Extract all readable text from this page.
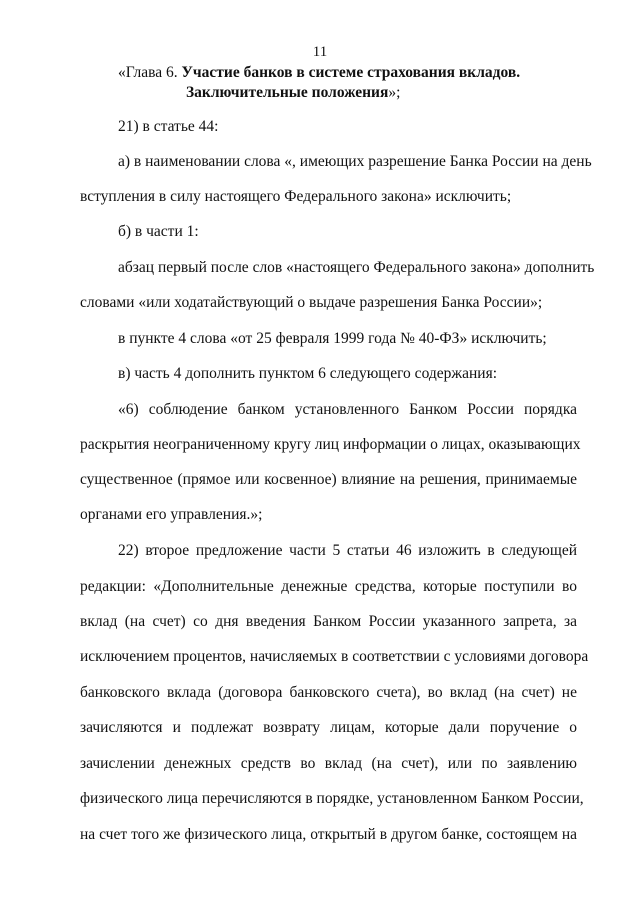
11
«Глава 6. Участие банков в системе страхования вкладов.
Заключительные положения»;
21) в статье 44:
а) в наименовании слова «, имеющих разрешение Банка России на день
вступления в силу настоящего Федерального закона» исключить;
б) в части 1:
абзац первый после слов «настоящего Федерального закона» дополнить
словами «или ходатайствующий о выдаче разрешения Банка России»;
в пункте 4 слова «от 25 февраля 1999 года № 40-ФЗ» исключить;
в) часть 4 дополнить пунктом 6 следующего содержания:
«6) соблюдение банком установленного Банком России порядка
раскрытия неограниченному кругу лиц информации о лицах, оказывающих
существенное (прямое или косвенное) влияние на решения, принимаемые
органами его управления.»;
22) второе предложение части 5 статьи 46 изложить в следующей
редакции: «Дополнительные денежные средства, которые поступили во
вклад (на счет) со дня введения Банком России указанного запрета, за
исключением процентов, начисляемых в соответствии с условиями договора
банковского вклада (договора банковского счета), во вклад (на счет) не
зачисляются и подлежат возврату лицам, которые дали поручение о
зачислении денежных средств во вклад (на счет), или по заявлению
физического лица перечисляются в порядке, установленном Банком России,
на счет того же физического лица, открытый в другом банке, состоящем на
